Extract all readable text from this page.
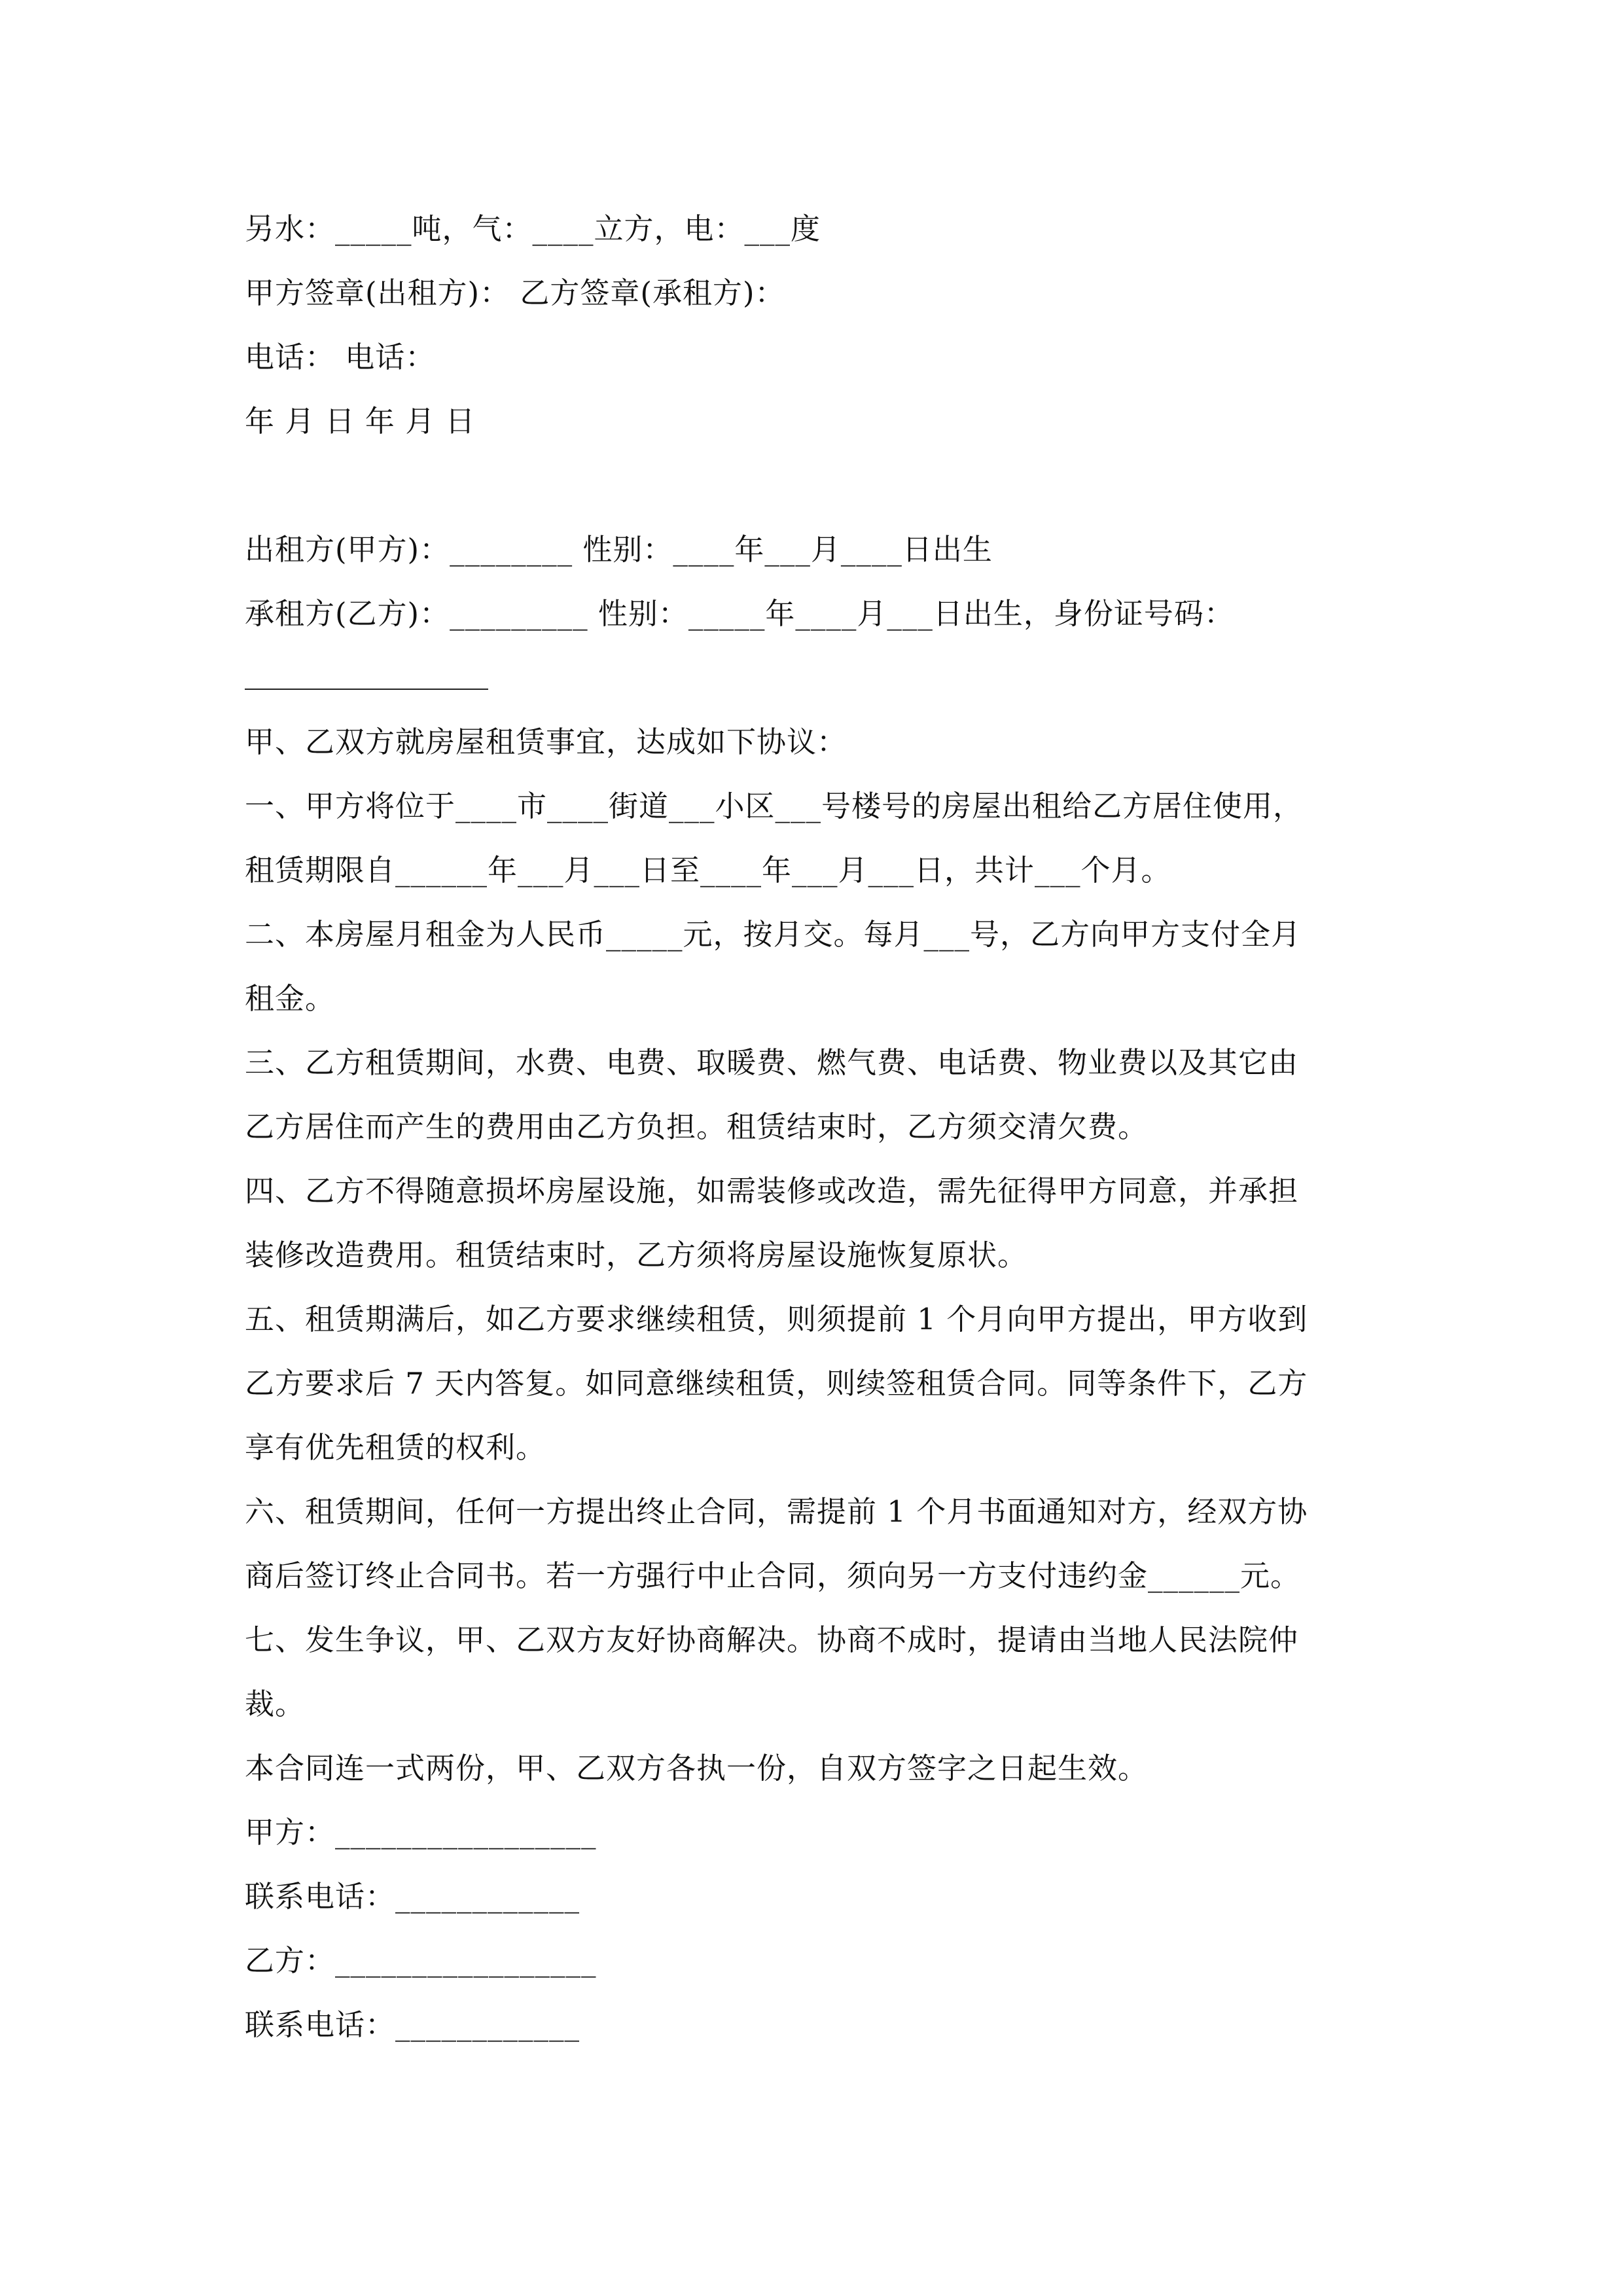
另水：_____吨，气：____立方，电：___度
甲方签章(出租方)： 乙方签章(承租方)：
电话： 电话：
年 月 日 年 月 日
出租方(甲方)：________ 性别：____年___月____日出生
承租方(乙方)：_________ 性别：_____年____月___日出生，身份证号码：
甲、乙双方就房屋租赁事宜，达成如下协议：
一、甲方将位于____市____街道___小区___号楼号的房屋出租给乙方居住使用，
租赁期限自______年___月___日至____年___月___日，共计___个月。
二、本房屋月租金为人民币_____元，按月交。每月___号，乙方向甲方支付全月
租金。
三、乙方租赁期间，水费、电费、取暖费、燃气费、电话费、物业费以及其它由
乙方居住而产生的费用由乙方负担。租赁结束时，乙方须交清欠费。
四、乙方不得随意损坏房屋设施，如需装修或改造，需先征得甲方同意，并承担
装修改造费用。租赁结束时，乙方须将房屋设施恢复原状。
五、租赁期满后，如乙方要求继续租赁，则须提前 1 个月向甲方提出，甲方收到
乙方要求后 7 天内答复。如同意继续租赁，则续签租赁合同。同等条件下，乙方
享有优先租赁的权利。
六、租赁期间，任何一方提出终止合同，需提前 1 个月书面通知对方，经双方协
商后签订终止合同书。若一方强行中止合同，须向另一方支付违约金______元。
七、发生争议，甲、乙双方友好协商解决。协商不成时，提请由当地人民法院仲
裁。
本合同连一式两份，甲、乙双方各执一份，自双方签字之日起生效。
甲方：_________________
联系电话：____________
乙方：_________________
联系电话：____________
